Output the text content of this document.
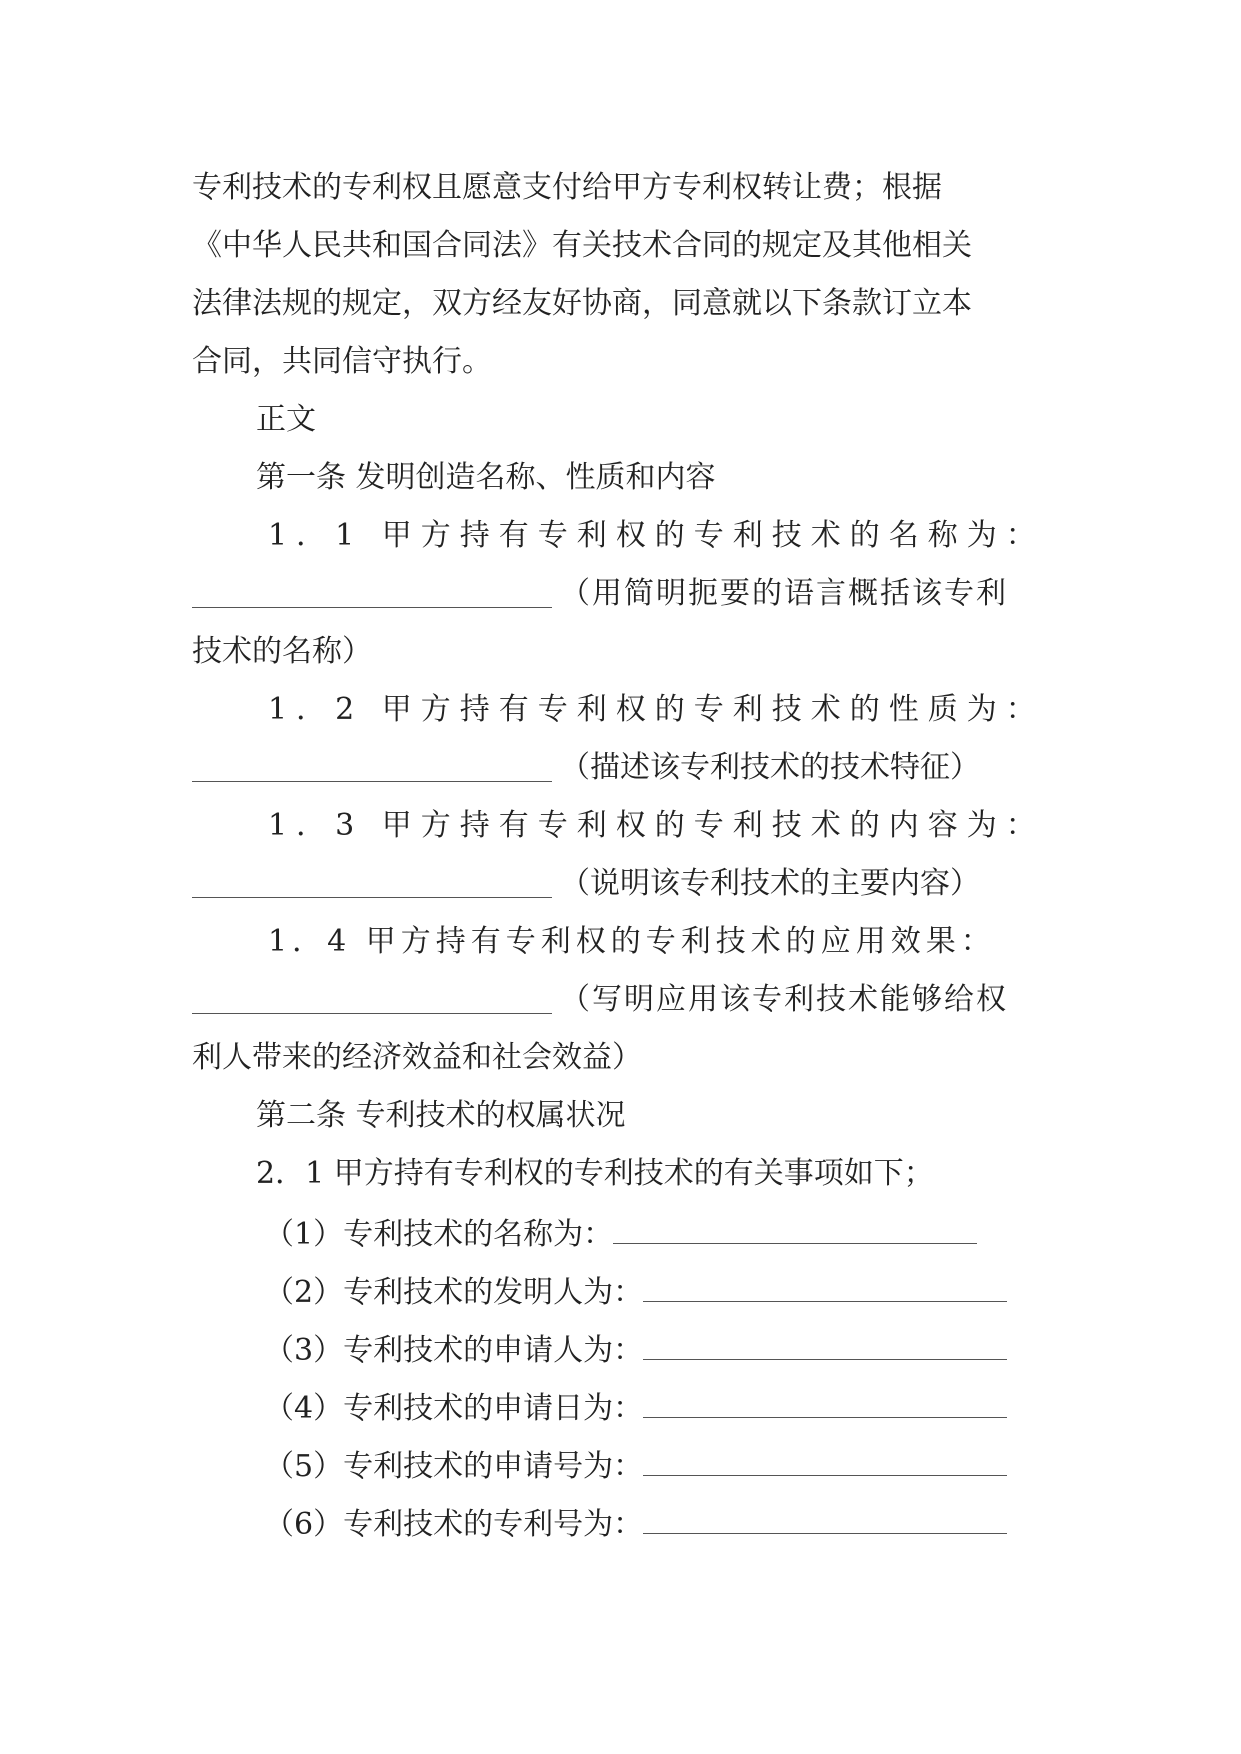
专利技术的专利权且愿意支付给甲方专利权转让费；根据
《中华人民共和国合同法》有关技术合同的规定及其他相关
法律法规的规定，双方经友好协商，同意就以下条款订立本
合同，共同信守执行。
正文
第一条 发明创造名称、性质和内容
1．1 甲方持有专利权的专利技术的名称为：
（用简明扼要的语言概括该专利
技术的名称）
1．2 甲方持有专利权的专利技术的性质为：
（描述该专利技术的技术特征）
1．3 甲方持有专利权的专利技术的内容为：
（说明该专利技术的主要内容）
1．4 甲方持有专利权的专利技术的应用效果：
（写明应用该专利技术能够给权
利人带来的经济效益和社会效益）
第二条 专利技术的权属状况
2．1 甲方持有专利权的专利技术的有关事项如下；
（1）专利技术的名称为：
（2）专利技术的发明人为：
（3）专利技术的申请人为：
（4）专利技术的申请日为：
（5）专利技术的申请号为：
（6）专利技术的专利号为：
